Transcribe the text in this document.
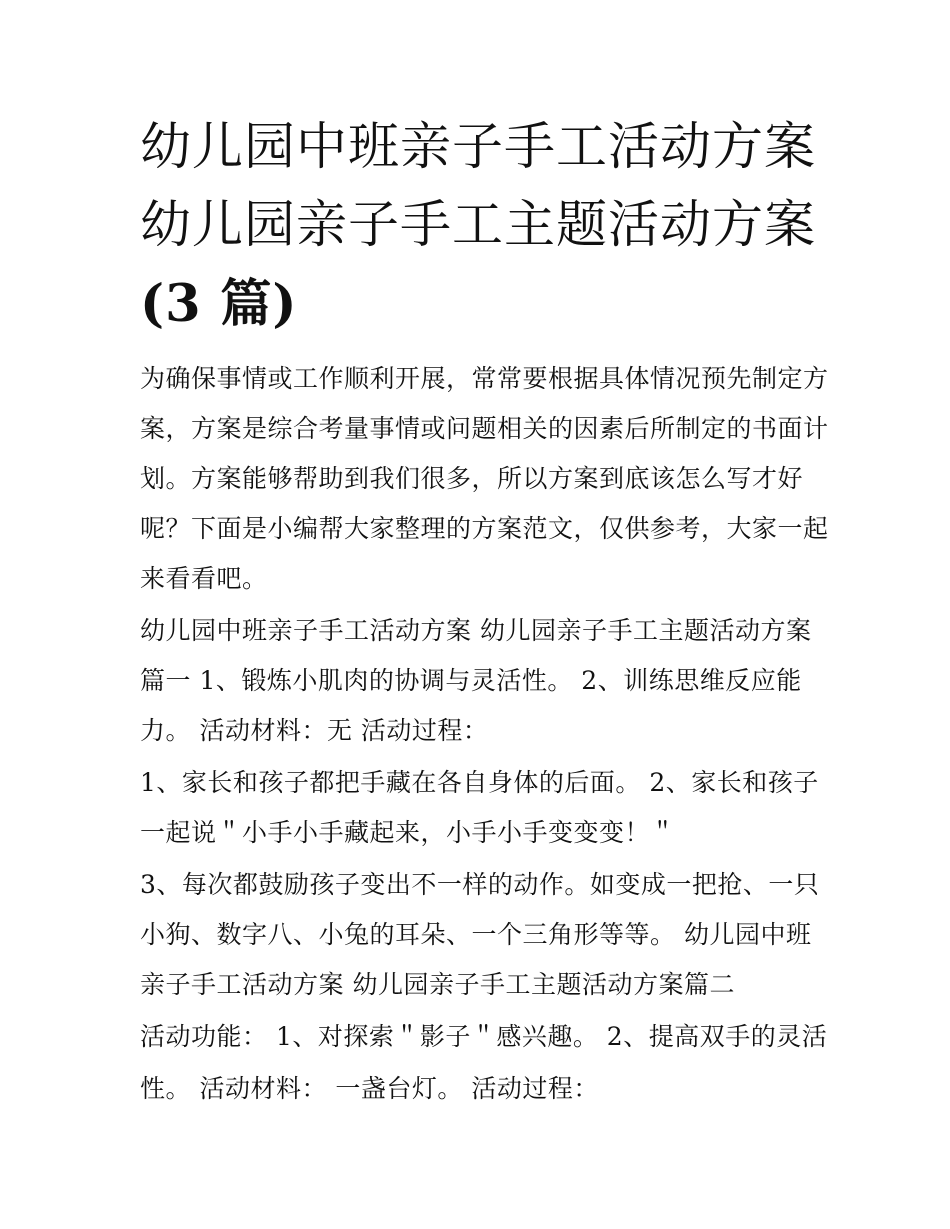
幼儿园中班亲子手工活动方案
幼儿园亲子手工主题活动方案
(3 篇)

为确保事情或工作顺利开展，常常要根据具体情况预先制定方

案，方案是综合考量事情或问题相关的因素后所制定的书面计

划。方案能够帮助到我们很多，所以方案到底该怎么写才好

呢？下面是小编帮大家整理的方案范文，仅供参考，大家一起

来看看吧。

幼儿园中班亲子手工活动方案 幼儿园亲子手工主题活动方案

篇一 1、锻炼小肌肉的协调与灵活性。 2、训练思维反应能

力。 活动材料：无 活动过程：

1、家长和孩子都把手藏在各自身体的后面。 2、家长和孩子

一起说＂小手小手藏起来，小手小手变变变！＂

3、每次都鼓励孩子变出不一样的动作。如变成一把抢、一只

小狗、数字八、小兔的耳朵、一个三角形等等。 幼儿园中班

亲子手工活动方案 幼儿园亲子手工主题活动方案篇二

活动功能： 1、对探索＂影子＂感兴趣。 2、提高双手的灵活

性。 活动材料： 一盏台灯。 活动过程：
